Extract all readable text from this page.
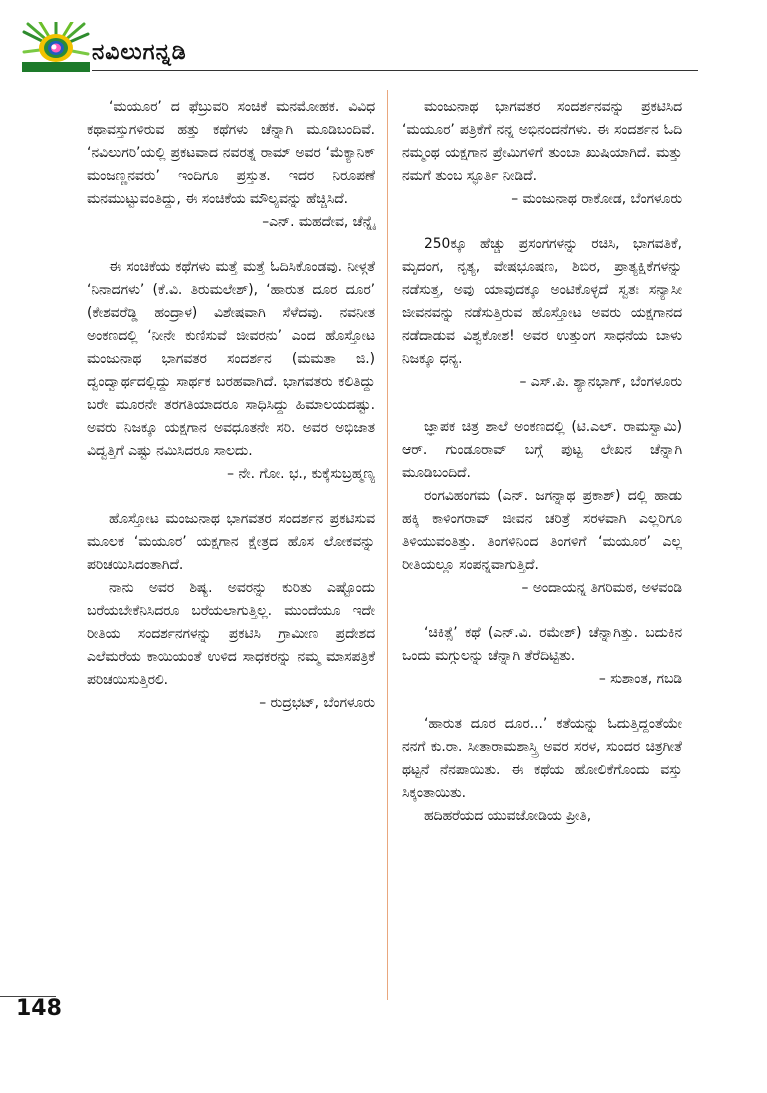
ನವಿಲುಗನ್ನಡಿ

‘ಮಯೂರ’ ದ ಫೆಬ್ರುವರಿ ಸಂಚಿಕೆ ಮನಮೋಹಕ. ವಿವಿಧ ಕಥಾವಸ್ತುಗಳಿರುವ ಹತ್ತು ಕಥೆಗಳು ಚೆನ್ನಾಗಿ ಮೂಡಿಬಂದಿವೆ. ‘ನವಿಲುಗರಿ’ಯಲ್ಲಿ ಪ್ರಕಟವಾದ ನವರತ್ನ ರಾಮ್ ಅವರ ‘ಮೆಕ್ಯಾನಿಕ್ ಮಂಜಣ್ಣನವರು’ ಇಂದಿಗೂ ಪ್ರಸ್ತುತ. ಇದರ ನಿರೂಪಣೆ ಮನಮುಟ್ಟುವಂತಿದ್ದು, ಈ ಸಂಚಿಕೆಯ ಮೌಲ್ಯವನ್ನು ಹೆಚ್ಚಿಸಿದೆ.

–ಎನ್. ಮಹದೇವ, ಚೆನ್ನೈ

ಈ ಸಂಚಿಕೆಯ ಕಥೆಗಳು ಮತ್ತೆ ಮತ್ತೆ ಓದಿಸಿಕೊಂಡವು. ನೀಳ್ಗತೆ ‘ನಿನಾದಗಳು’ (ಕೆ.ವಿ. ತಿರುಮಲೇಶ್), ‘ಹಾರುತ ದೂರ ದೂರ’ (ಕೇಶವರೆಡ್ಡಿ ಹಂದ್ರಾಳ) ವಿಶೇಷವಾಗಿ ಸೆಳೆದವು. ನವನೀತ ಅಂಕಣದಲ್ಲಿ ‘ನೀನೇ ಕುಣಿಸುವೆ ಜೀವರನು’ ಎಂದ ಹೊಸ್ತೋಟ ಮಂಜುನಾಥ ಭಾಗವತರ ಸಂದರ್ಶನ (ಮಮತಾ ಜಿ.) ದ್ವಂದ್ವಾರ್ಥದಲ್ಲಿದ್ದು ಸಾರ್ಥಕ ಬರಹವಾಗಿದೆ. ಭಾಗವತರು ಕಲಿತಿದ್ದು ಬರೇ ಮೂರನೇ ತರಗತಿಯಾದರೂ ಸಾಧಿಸಿದ್ದು ಹಿಮಾಲಯದಷ್ಟು. ಅವರು ನಿಜಕ್ಕೂ ಯಕ್ಷಗಾನ ಅವಧೂತನೇ ಸರಿ. ಅವರ ಅಭಿಜಾತ ವಿದ್ವತ್ತಿಗೆ ಎಷ್ಟು ನಮಿಸಿದರೂ ಸಾಲದು.

– ನೇ. ಗೋ. ಭ., ಕುಕ್ಕೆಸುಬ್ರಹ್ಮಣ್ಯ

ಹೊಸ್ತೋಟ ಮಂಜುನಾಥ ಭಾಗವತರ ಸಂದರ್ಶನ ಪ್ರಕಟಿಸುವ ಮೂಲಕ ‘ಮಯೂರ’ ಯಕ್ಷಗಾನ ಕ್ಷೇತ್ರದ ಹೊಸ ಲೋಕವನ್ನು ಪರಿಚಯಿಸಿದಂತಾಗಿದೆ.

ನಾನು ಅವರ ಶಿಷ್ಯ. ಅವರನ್ನು ಕುರಿತು ಎಷ್ಟೊಂದು ಬರೆಯಬೇಕೆನಿಸಿದರೂ ಬರೆಯಲಾಗುತ್ತಿಲ್ಲ. ಮುಂದೆಯೂ ಇದೇ ರೀತಿಯ ಸಂದರ್ಶನಗಳನ್ನು ಪ್ರಕಟಿಸಿ ಗ್ರಾಮೀಣ ಪ್ರದೇಶದ ಎಲೆಮರೆಯ ಕಾಯಿಯಂತೆ ಉಳಿದ ಸಾಧಕರನ್ನು ನಮ್ಮ ಮಾಸಪತ್ರಿಕೆ ಪರಿಚಯಿಸುತ್ತಿರಲಿ.

– ರುದ್ರಭಟ್, ಬೆಂಗಳೂರು

ಮಂಜುನಾಥ ಭಾಗವತರ ಸಂದರ್ಶನವನ್ನು ಪ್ರಕಟಿಸಿದ ‘ಮಯೂರ’ ಪತ್ರಿಕೆಗೆ ನನ್ನ ಅಭಿನಂದನೆಗಳು. ಈ ಸಂದರ್ಶನ ಓದಿ ನಮ್ಮಂಥ ಯಕ್ಷಗಾನ ಪ್ರೇಮಿಗಳಿಗೆ ತುಂಬಾ ಖುಷಿಯಾಗಿದೆ. ಮತ್ತು ನಮಗೆ ತುಂಬ ಸ್ಫೂರ್ತಿ ನೀಡಿದೆ.

– ಮಂಜುನಾಥ ರಾಕೋಡ, ಬೆಂಗಳೂರು

250ಕ್ಕೂ ಹೆಚ್ಚು ಪ್ರಸಂಗಗಳನ್ನು ರಚಿಸಿ, ಭಾಗವತಿಕೆ, ಮೃದಂಗ, ನೃತ್ಯ, ವೇಷಭೂಷಣ, ಶಿಬಿರ, ಪ್ರಾತ್ಯಕ್ಷಿಕೆಗಳನ್ನು ನಡೆಸುತ್ತ, ಅವು ಯಾವುದಕ್ಕೂ ಅಂಟಿಕೊಳ್ಳದೆ ಸ್ವತಃ ಸನ್ಯಾಸೀ ಜೀವನವನ್ನು ನಡೆಸುತ್ತಿರುವ ಹೊಸ್ತೋಟ ಅವರು ಯಕ್ಷಗಾನದ ನಡೆದಾಡುವ ವಿಶ್ವಕೋಶ! ಅವರ ಉತ್ತುಂಗ ಸಾಧನೆಯ ಬಾಳು ನಿಜಕ್ಕೂ ಧನ್ಯ.

– ಎಸ್.ಪಿ. ಶ್ಯಾನಭಾಗ್, ಬೆಂಗಳೂರು

ಜ್ಞಾಪಕ ಚಿತ್ರ ಶಾಲೆ ಅಂಕಣದಲ್ಲಿ (ಟಿ.ಎಲ್. ರಾಮಸ್ವಾಮಿ) ಆರ್. ಗುಂಡೂರಾವ್ ಬಗ್ಗೆ ಪುಟ್ಟ ಲೇಖನ ಚೆನ್ನಾಗಿ ಮೂಡಿಬಂದಿದೆ.

ರಂಗವಿಹಂಗಮ (ಎನ್. ಜಗನ್ನಾಥ ಪ್ರಕಾಶ್) ದಲ್ಲಿ ಹಾಡು ಹಕ್ಕಿ ಕಾಳಿಂಗರಾವ್ ಜೀವನ ಚರಿತ್ರೆ ಸರಳವಾಗಿ ಎಲ್ಲರಿಗೂ ತಿಳಿಯುವಂತಿತ್ತು. ತಿಂಗಳಿನಿಂದ ತಿಂಗಳಿಗೆ ‘ಮಯೂರ’ ಎಲ್ಲ ರೀತಿಯಲ್ಲೂ ಸಂಪನ್ನವಾಗುತ್ತಿದೆ.

– ಅಂದಾಯನ್ನ ತಿಗರಿಮಠ, ಅಳವಂಡಿ

‘ಚಿಕಿತ್ಸೆ’ ಕಥೆ (ಎನ್.ವಿ. ರಮೇಶ್) ಚೆನ್ನಾಗಿತ್ತು. ಬದುಕಿನ ಒಂದು ಮಗ್ಗುಲನ್ನು ಚೆನ್ನಾಗಿ ತೆರೆದಿಟ್ಟಿತು.

– ಸುಶಾಂತ, ಗಬಡಿ

‘ಹಾರುತ ದೂರ ದೂರ...’ ಕತೆಯನ್ನು ಓದುತ್ತಿದ್ದಂತೆಯೇ ನನಗೆ ಕು.ರಾ. ಸೀತಾರಾಮಶಾಸ್ತ್ರಿ ಅವರ ಸರಳ, ಸುಂದರ ಚಿತ್ರಗೀತೆ ಥಟ್ಟನೆ ನೆನಪಾಯಿತು. ಈ ಕಥೆಯ ಹೋಲಿಕೆಗೊಂದು ವಸ್ತು ಸಿಕ್ಕಂತಾಯಿತು.

ಹದಿಹರೆಯದ ಯುವಜೋಡಿಯ ಪ್ರೀತಿ,

148
